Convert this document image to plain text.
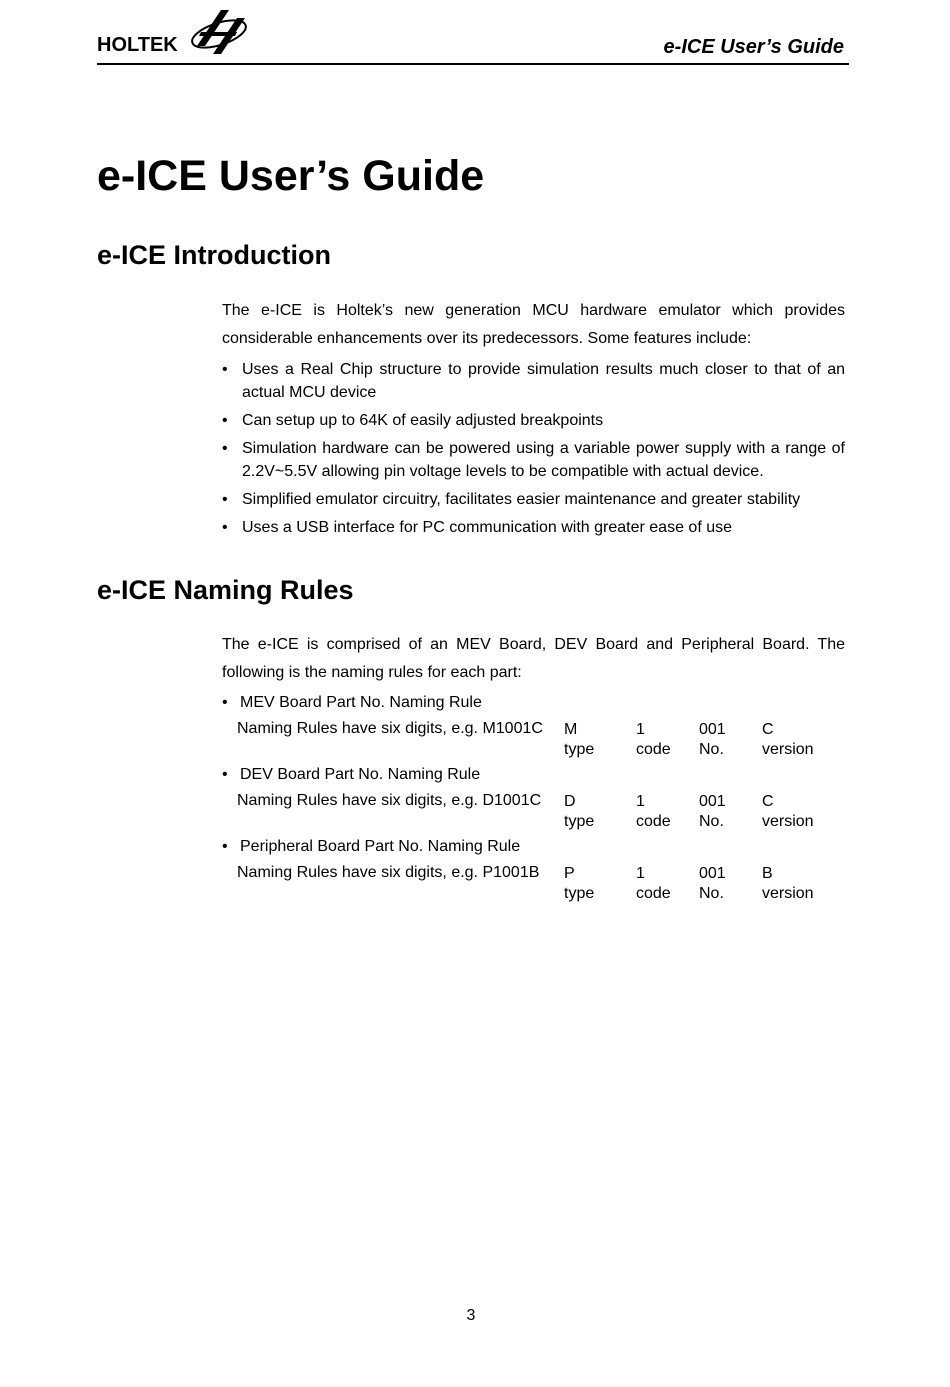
HOLTEK	e-ICE User’s Guide
e-ICE User’s Guide
e-ICE Introduction

The e-ICE is Holtek’s new generation MCU hardware emulator which provides considerable enhancements over its predecessors. Some features include:

• Uses a Real Chip structure to provide simulation results much closer to that of an actual MCU device
• Can setup up to 64K of easily adjusted breakpoints
• Simulation hardware can be powered using a variable power supply with a range of 2.2V~5.5V allowing pin voltage levels to be compatible with actual device.
• Simplified emulator circuitry, facilitates easier maintenance and greater stability
• Uses a USB interface for PC communication with greater ease of use
e-ICE Naming Rules

The e-ICE is comprised of an MEV Board, DEV Board and Peripheral Board. The following is the naming rules for each part:

• MEV Board Part No. Naming Rule
Naming Rules have six digits, e.g. M1001C M
type
1
code
001
No.
C
version
• DEV Board Part No. Naming Rule
Naming Rules have six digits, e.g. D1001C D
type
1
code
001
No.
C
version
• Peripheral Board Part No. Naming Rule
Naming Rules have six digits, e.g. P1001B P
type
1
code
001
No.
B
version
3
